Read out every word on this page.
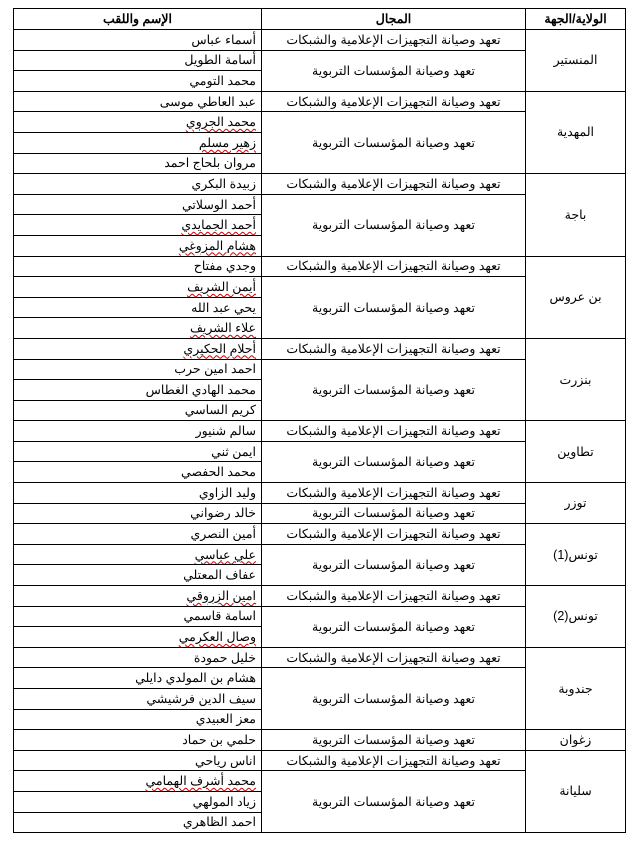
الولاية/الجهة	المجال	الإسم واللقب
المنستير	تعهد وصيانة التجهيزات الإعلامية والشبكات	أسماء عباس
	تعهد وصيانة المؤسسات التربوية	أسامة الطويل
		محمد التومي
المهدية	تعهد وصيانة التجهيزات الإعلامية والشبكات	عبد العاطي موسى
	تعهد وصيانة المؤسسات التربوية	محمد الجروي
		زهير مسلم
		مروان بلحاج احمد
باجة	تعهد وصيانة التجهيزات الإعلامية والشبكات	زبيدة البكري
	تعهد وصيانة المؤسسات التربوية	أحمد الوسلاتي
		أحمد الجمايدي
		هشام المزوغي
بن عروس	تعهد وصيانة التجهيزات الإعلامية والشبكات	وجدي مفتاح
	تعهد وصيانة المؤسسات التربوية	أيمن الشريف
		يحي عبد الله
		علاء الشريف
بنزرت	تعهد وصيانة التجهيزات الإعلامية والشبكات	أحلام الحكيري
	تعهد وصيانة المؤسسات التربوية	احمد امين حرب
		محمد الهادي الغطاس
		كريم الساسي
تطاوين	تعهد وصيانة التجهيزات الإعلامية والشبكات	سالم شنيور
	تعهد وصيانة المؤسسات التربوية	ايمن ثني
		محمد الحفصي
توزر	تعهد وصيانة التجهيزات الإعلامية والشبكات	وليد الزاوي
	تعهد وصيانة المؤسسات التربوية	خالد رضواني
تونس(1)	تعهد وصيانة التجهيزات الإعلامية والشبكات	أمين النصري
	تعهد وصيانة المؤسسات التربوية	علي عباسي
		عفاف المعتلي
تونس(2)	تعهد وصيانة التجهيزات الإعلامية والشبكات	امين الزروقي
	تعهد وصيانة المؤسسات التربوية	اسامة قاسمي
		وصال العكرمي
جندوبة	تعهد وصيانة التجهيزات الإعلامية والشبكات	خليل حمودة
	تعهد وصيانة المؤسسات التربوية	هشام بن المولدي دايلي
		سيف الدين فرشيشي
		معز العبيدي
زغوان	تعهد وصيانة المؤسسات التربوية	حلمي بن حماد
سليانة	تعهد وصيانة التجهيزات الإعلامية والشبكات	اناس رياحي
	تعهد وصيانة المؤسسات التربوية	محمد أشرف الهمامي
		زياد المولهي
		احمد الظاهري
